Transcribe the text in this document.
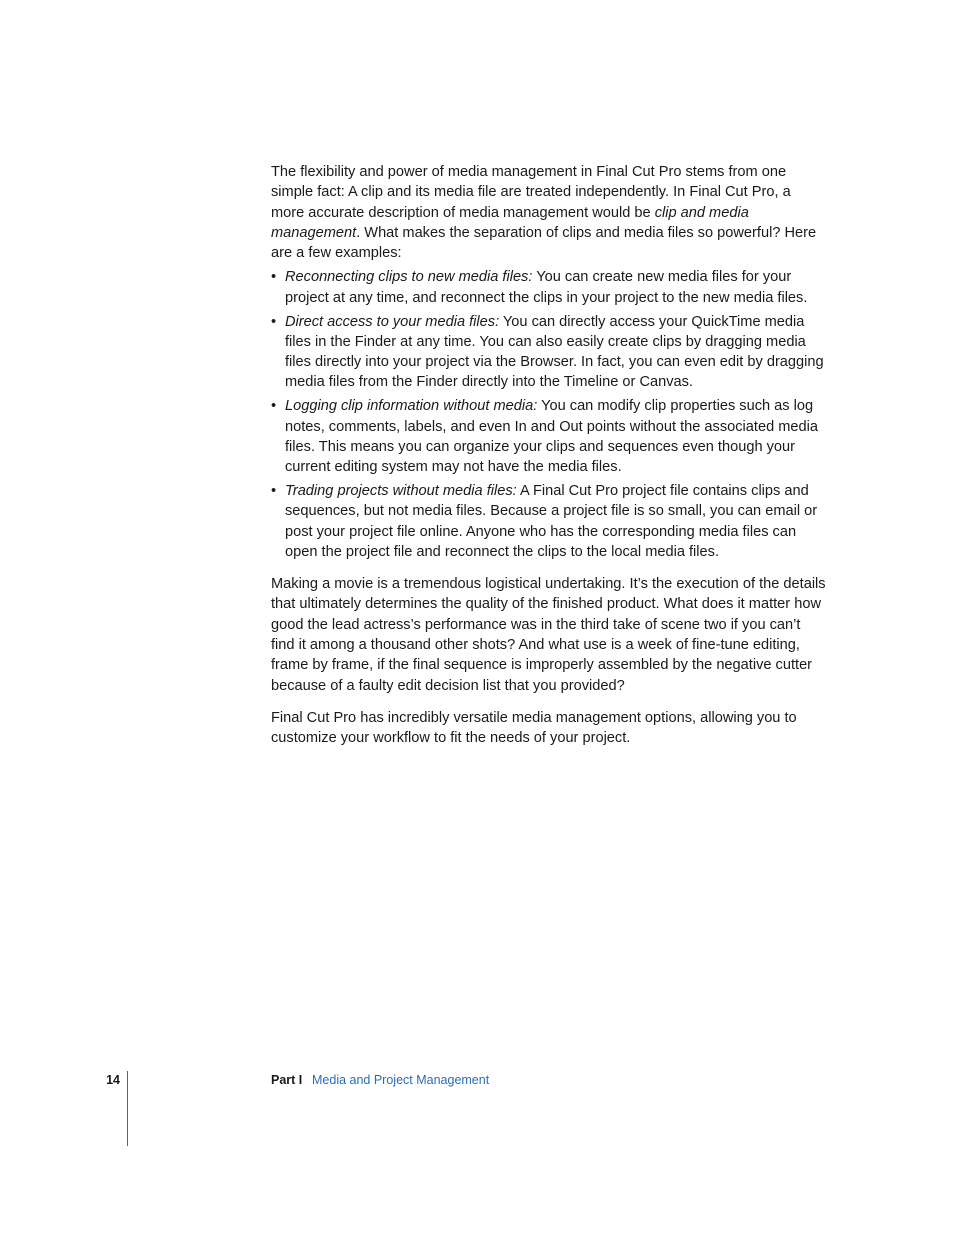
The flexibility and power of media management in Final Cut Pro stems from one simple fact: A clip and its media file are treated independently. In Final Cut Pro, a more accurate description of media management would be clip and media management. What makes the separation of clips and media files so powerful? Here are a few examples:

• Reconnecting clips to new media files: You can create new media files for your project at any time, and reconnect the clips in your project to the new media files.
• Direct access to your media files: You can directly access your QuickTime media files in the Finder at any time. You can also easily create clips by dragging media files directly into your project via the Browser. In fact, you can even edit by dragging media files from the Finder directly into the Timeline or Canvas.
• Logging clip information without media: You can modify clip properties such as log notes, comments, labels, and even In and Out points without the associated media files. This means you can organize your clips and sequences even though your current editing system may not have the media files.
• Trading projects without media files: A Final Cut Pro project file contains clips and sequences, but not media files. Because a project file is so small, you can email or post your project file online. Anyone who has the corresponding media files can open the project file and reconnect the clips to the local media files.

Making a movie is a tremendous logistical undertaking. It’s the execution of the details that ultimately determines the quality of the finished product. What does it matter how good the lead actress’s performance was in the third take of scene two if you can’t find it among a thousand other shots? And what use is a week of fine-tune editing, frame by frame, if the final sequence is improperly assembled by the negative cutter because of a faulty edit decision list that you provided?

Final Cut Pro has incredibly versatile media management options, allowing you to customize your workflow to fit the needs of your project.

14	Part I Media and Project Management
